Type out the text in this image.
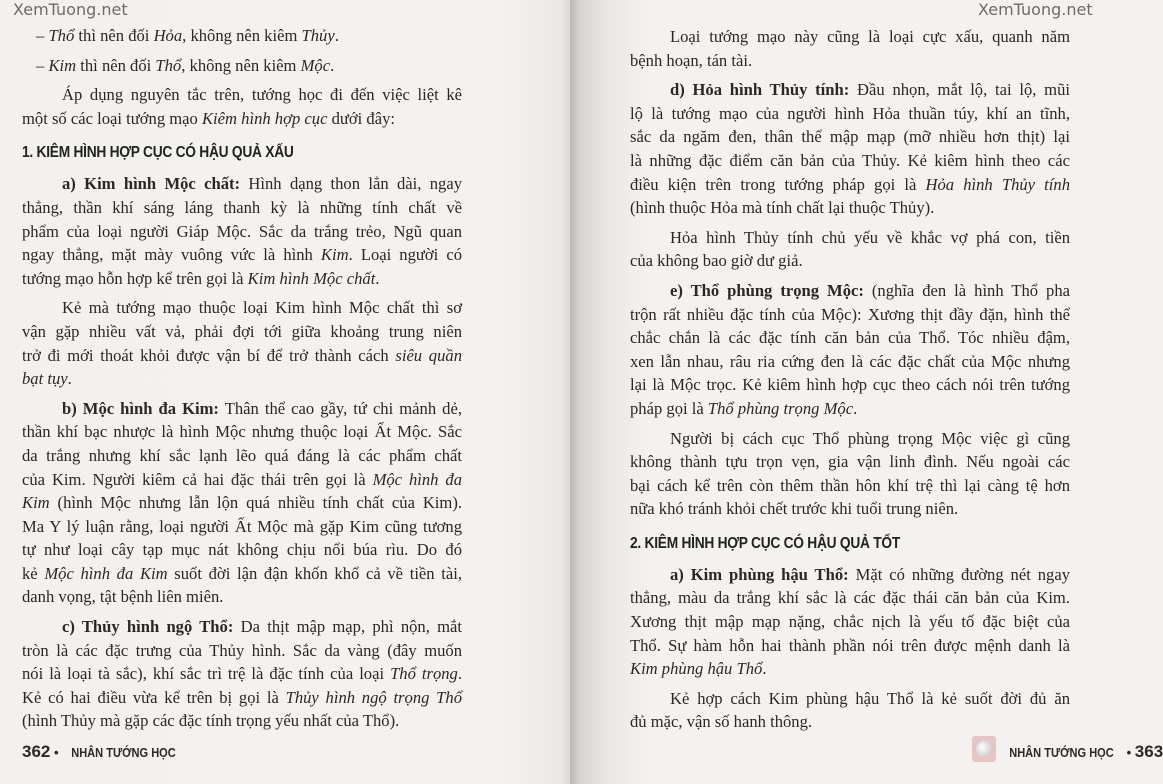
XemTuong.net
– Thổ thì nên đối Hỏa, không nên kiêm Thủy.
– Kim thì nên đối Thổ, không nên kiêm Mộc.
Áp dụng nguyên tắc trên, tướng học đi đến việc liệt kê
một số các loại tướng mạo Kiêm hình hợp cục dưới đây:
1. KIÊM HÌNH HỢP CỤC CÓ HẬU QUẢ XẤU
a) Kim hình Mộc chất: Hình dạng thon lẳn dài, ngay
thẳng, thần khí sáng láng thanh kỳ là những tính chất về
phẩm của loại người Giáp Mộc. Sắc da trắng trẻo, Ngũ quan
ngay thẳng, mặt mày vuông vức là hình Kim. Loại người có
tướng mạo hỗn hợp kể trên gọi là Kim hình Mộc chất.
Kẻ mà tướng mạo thuộc loại Kim hình Mộc chất thì sơ
vận gặp nhiều vất vả, phải đợi tới giữa khoảng trung niên
trở đi mới thoát khỏi được vận bí để trở thành cách siêu quần
bạt tụy.
b) Mộc hình đa Kim: Thân thể cao gầy, tứ chi mảnh dẻ,
thần khí bạc nhược là hình Mộc nhưng thuộc loại Ất Mộc. Sắc
da trắng nhưng khí sắc lạnh lẽo quá đáng là các phẩm chất
của Kim. Người kiêm cả hai đặc thái trên gọi là Mộc hình đa
Kim (hình Mộc nhưng lẫn lộn quá nhiều tính chất của Kim).
Ma Y lý luận rằng, loại người Ất Mộc mà gặp Kim cũng tương
tự như loại cây tạp mục nát không chịu nổi búa rìu. Do đó
kẻ Mộc hình đa Kim suốt đời lận đận khốn khổ cả về tiền tài,
danh vọng, tật bệnh liên miên.
c) Thủy hình ngộ Thổ: Da thịt mập mạp, phì nộn, mắt
tròn là các đặc trưng của Thủy hình. Sắc da vàng (đây muốn
nói là loại tà sắc), khí sắc trì trệ là đặc tính của loại Thổ trọng.
Kẻ có hai điều vừa kể trên bị gọi là Thủy hình ngộ trọng Thổ
(hình Thủy mà gặp các đặc tính trọng yếu nhất của Thổ).
362 • NHÂN TƯỚNG HỌC
XemTuong.net
Loại tướng mạo này cũng là loại cực xấu, quanh năm
bệnh hoạn, tán tài.
d) Hỏa hình Thủy tính: Đầu nhọn, mắt lộ, tai lộ, mũi
lộ là tướng mạo của người hình Hỏa thuần túy, khí an tĩnh,
sắc da ngăm đen, thân thể mập mạp (mỡ nhiều hơn thịt) lại
là những đặc điểm căn bản của Thủy. Kẻ kiêm hình theo các
điều kiện trên trong tướng pháp gọi là Hỏa hình Thủy tính
(hình thuộc Hỏa mà tính chất lại thuộc Thủy).
Hỏa hình Thủy tính chủ yếu về khắc vợ phá con, tiền
của không bao giờ dư giả.
e) Thổ phùng trọng Mộc: (nghĩa đen là hình Thổ pha
trộn rất nhiều đặc tính của Mộc): Xương thịt đầy đặn, hình thể
chắc chắn là các đặc tính căn bản của Thổ. Tóc nhiều đậm,
xen lẫn nhau, râu ria cứng đen là các đặc chất của Mộc nhưng
lại là Mộc trọc. Kẻ kiêm hình hợp cục theo cách nói trên tướng
pháp gọi là Thổ phùng trọng Mộc.
Người bị cách cục Thổ phùng trọng Mộc việc gì cũng
không thành tựu trọn vẹn, gia vận linh đình. Nếu ngoài các
bại cách kể trên còn thêm thần hôn khí trệ thì lại càng tệ hơn
nữa khó tránh khỏi chết trước khi tuổi trung niên.
2. KIÊM HÌNH HỢP CỤC CÓ HẬU QUẢ TỐT
a) Kim phùng hậu Thổ: Mặt có những đường nét ngay
thẳng, màu da trắng khí sắc là các đặc thái căn bản của Kim.
Xương thịt mập mạp nặng, chắc nịch là yếu tố đặc biệt của
Thổ. Sự hàm hỗn hai thành phần nói trên được mệnh danh là
Kim phùng hậu Thổ.
Kẻ hợp cách Kim phùng hậu Thổ là kẻ suốt đời đủ ăn
đủ mặc, vận số hanh thông.
NHÂN TƯỚNG HỌC • 363
